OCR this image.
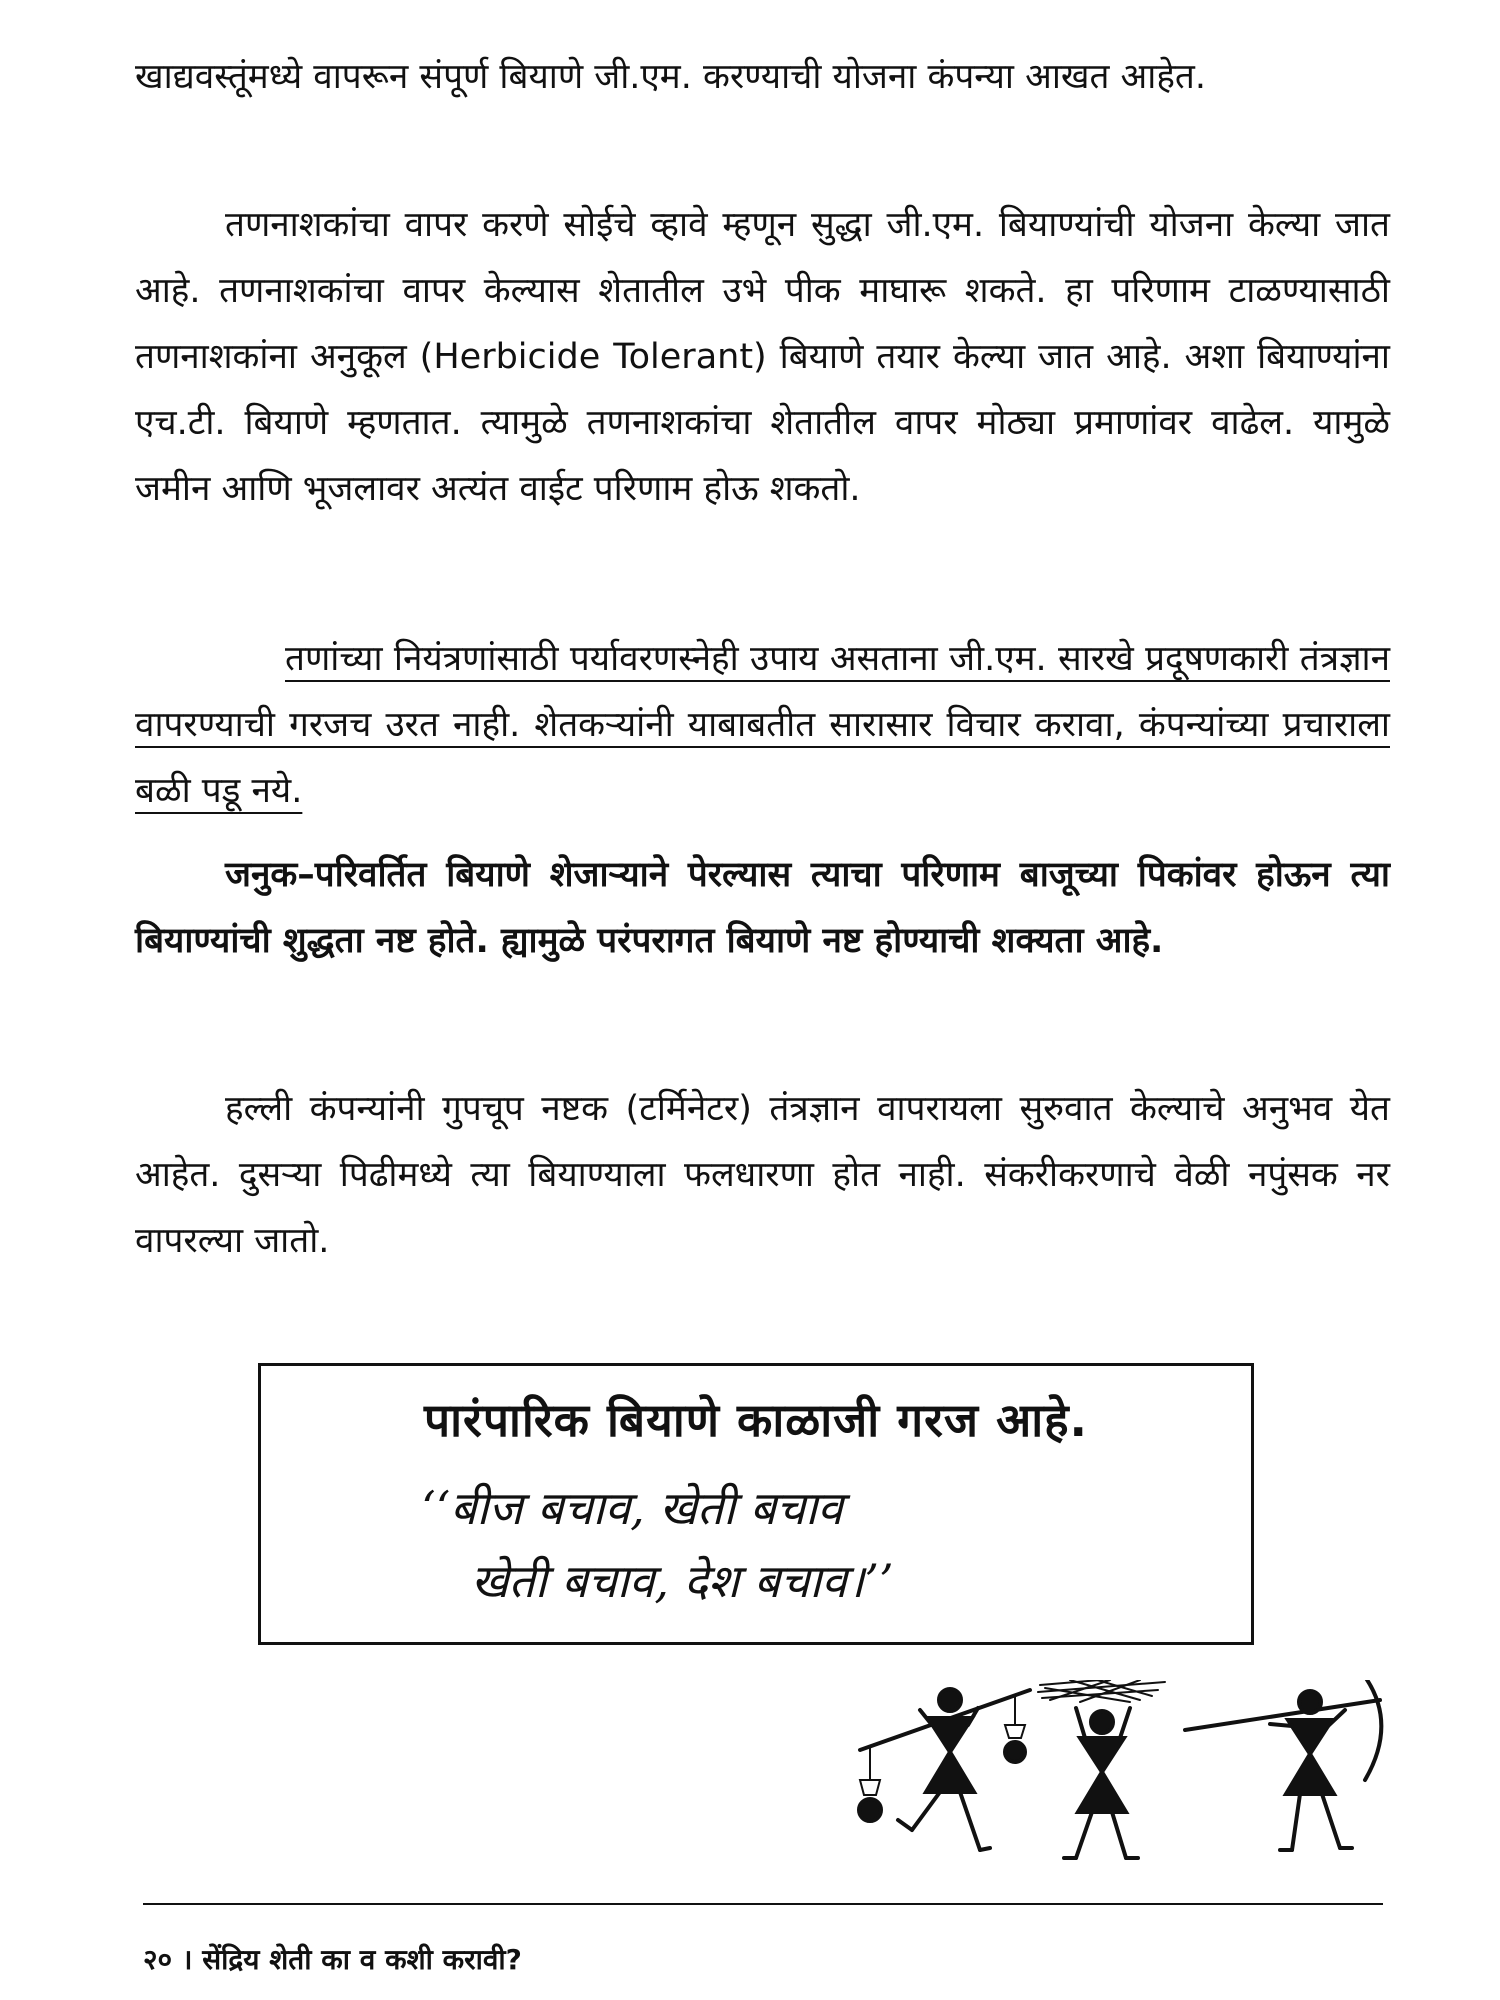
खाद्यवस्तूंमध्ये वापरून संपूर्ण बियाणे जी.एम. करण्याची योजना कंपन्या आखत आहेत.

तणनाशकांचा वापर करणे सोईचे व्हावे म्हणून सुद्धा जी.एम. बियाण्यांची योजना केल्या जात आहे. तणनाशकांचा वापर केल्यास शेतातील उभे पीक माघारू शकते. हा परिणाम टाळण्यासाठी तणनाशकांना अनुकूल (Herbicide Tolerant) बियाणे तयार केल्या जात आहे. अशा बियाण्यांना एच.टी. बियाणे म्हणतात. त्यामुळे तणनाशकांचा शेतातील वापर मोठ्या प्रमाणांवर वाढेल. यामुळे जमीन आणि भूजलावर अत्यंत वाईट परिणाम होऊ शकतो.

तणांच्या नियंत्रणांसाठी पर्यावरणस्नेही उपाय असताना जी.एम. सारखे प्रदूषणकारी तंत्रज्ञान वापरण्याची गरजच उरत नाही. शेतकऱ्यांनी याबाबतीत सारासार विचार करावा, कंपन्यांच्या प्रचाराला बळी पडू नये.

जनुक–परिवर्तित बियाणे शेजाऱ्याने पेरल्यास त्याचा परिणाम बाजूच्या पिकांवर होऊन त्या बियाण्यांची शुद्धता नष्ट होते. ह्यामुळे परंपरागत बियाणे नष्ट होण्याची शक्यता आहे.

हल्ली कंपन्यांनी गुपचूप नष्टक (टर्मिनेटर) तंत्रज्ञान वापरायला सुरुवात केल्याचे अनुभव येत आहेत. दुसऱ्या पिढीमध्ये त्या बियाण्याला फलधारणा होत नाही. संकरीकरणाचे वेळी नपुंसक नर वापरल्या जातो.

पारंपारिक बियाणे काळाजी गरज आहे.
‘‘बीज बचाव, खेती बचाव
खेती बचाव, देश बचाव।’’
२० । सेंद्रिय शेती का व कशी करावी?
